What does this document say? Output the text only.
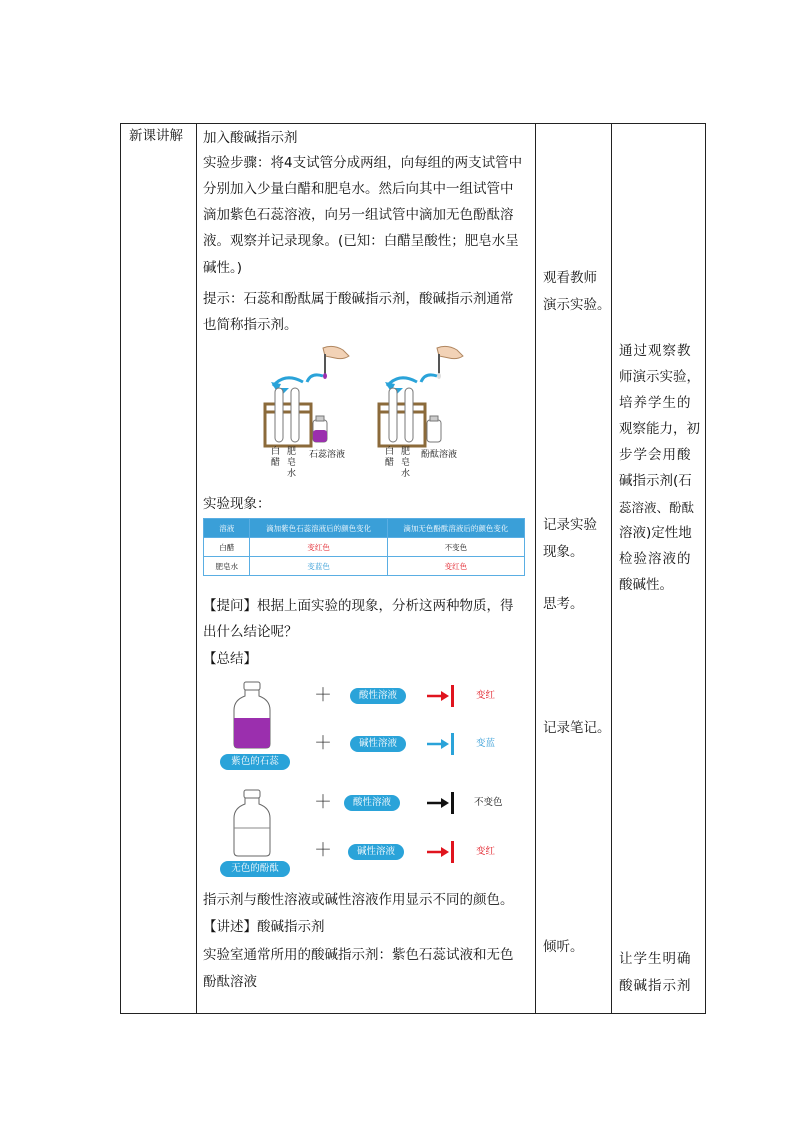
新课讲解 加入酸碱指示剂
实验步骤：将4支试管分成两组，向每组的两支试管中
分别加入少量白醋和肥皂水。然后向其中一组试管中
滴加紫色石蕊溶液，向另一组试管中滴加无色酚酞溶
液。观察并记录现象。(已知：白醋呈酸性；肥皂水呈
碱性。)
提示：石蕊和酚酞属于酸碱指示剂，酸碱指示剂通常
也简称指示剂。
白醋
肥皂水
石蕊溶液	白醋
肥皂水
酚酞溶液
实验现象：
溶液	滴加紫色石蕊溶液后的颜色变化	滴加无色酚酞溶液后的颜色变化
白醋	变红色	不变色
肥皂水	变蓝色	变红色
【提问】根据上面实验的现象，分析这两种物质，得
出什么结论呢？
【总结】
紫色的石蕊
无色的酚酞
＋	酸性溶液	变红
＋	碱性溶液	变蓝
＋	酸性溶液	不变色
＋	碱性溶液	变红
指示剂与酸性溶液或碱性溶液作用显示不同的颜色。
【讲述】酸碱指示剂
实验室通常所用的酸碱指示剂：紫色石蕊试液和无色
酚酞溶液
观看教师
演示实验。
记录实验
现象。
思考。
记录笔记。
倾听。
通过观察教
师演示实验，
培养学生的
观察能力，初
步学会用酸
碱指示剂(石
蕊溶液、酚酞
溶液)定性地
检验溶液的
酸碱性。
让学生明确
酸碱指示剂
